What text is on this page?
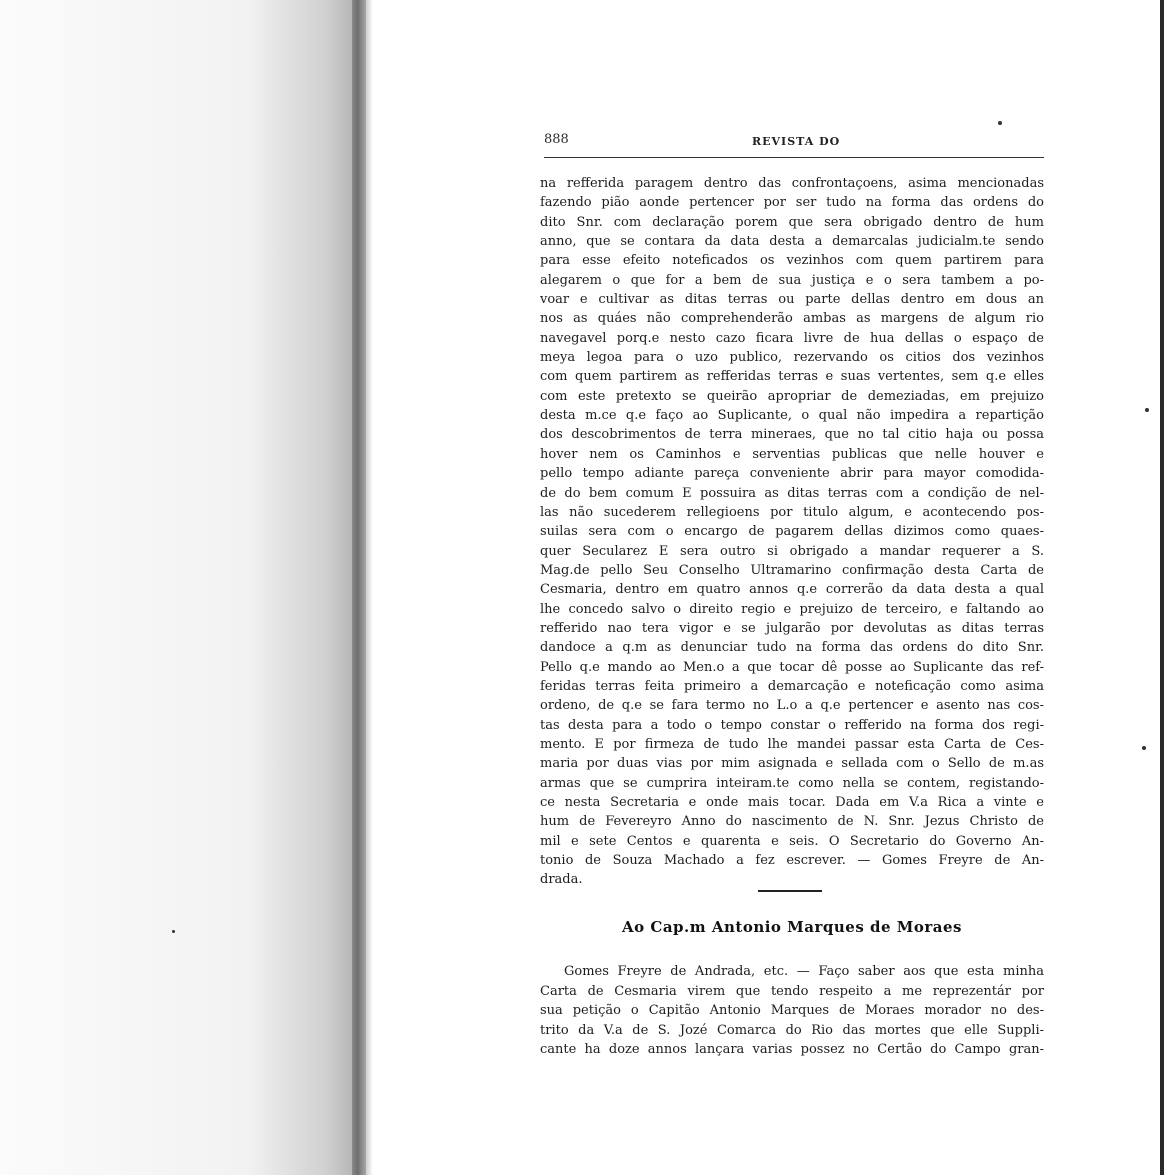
888	REVISTA DO
na refferida paragem dentro das confrontaçoens, asima mencionadas
fazendo pião aonde pertencer por ser tudo na forma das ordens do
dito Snr. com declaração porem que sera obrigado dentro de hum
anno, que se contara da data desta a demarcalas judicialm.te sendo
para esse efeito noteficados os vezinhos com quem partirem para
alegarem o que for a bem de sua justiça e o sera tambem a po-
voar e cultivar as ditas terras ou parte dellas dentro em dous an
nos as quáes não comprehenderão ambas as margens de algum rio
navegavel porq.e nesto cazo ficara livre de hua dellas o espaço de
meya legoa para o uzo publico, rezervando os citios dos vezinhos
com quem partirem as refferidas terras e suas vertentes, sem q.e elles
com este pretexto se queirão apropriar de demeziadas, em prejuizo
desta m.ce q.e faço ao Suplicante, o qual não impedira a repartição
dos descobrimentos de terra mineraes, que no tal citio haja ou possa
hover nem os Caminhos e serventias publicas que nelle houver e
pello tempo adiante pareça conveniente abrir para mayor comodida-
de do bem comum E possuira as ditas terras com a condição de nel-
las não sucederem rellegioens por titulo algum, e acontecendo pos-
suilas sera com o encargo de pagarem dellas dizimos como quaes-
quer Secularez E sera outro si obrigado a mandar requerer a S.
Mag.de pello Seu Conselho Ultramarino confirmação desta Carta de
Cesmaria, dentro em quatro annos q.e correrão da data desta a qual
lhe concedo salvo o direito regio e prejuizo de terceiro, e faltando ao
refferido nao tera vigor e se julgarão por devolutas as ditas terras
dandoce a q.m as denunciar tudo na forma das ordens do dito Snr.
Pello q.e mando ao Men.o a que tocar dê posse ao Suplicante das ref-
feridas terras feita primeiro a demarcação e noteficação como asima
ordeno, de q.e se fara termo no L.o a q.e pertencer e asento nas cos-
tas desta para a todo o tempo constar o refferido na forma dos regi-
mento. E por firmeza de tudo lhe mandei passar esta Carta de Ces-
maria por duas vias por mim asignada e sellada com o Sello de m.as
armas que se cumprira inteiram.te como nella se contem, registando-
ce nesta Secretaria e onde mais tocar. Dada em V.a Rica a vinte e
hum de Fevereyro Anno do nascimento de N. Snr. Jezus Christo de
mil e sete Centos e quarenta e seis. O Secretario do Governo An-
tonio de Souza Machado a fez escrever. — Gomes Freyre de An-
drada.
Ao Cap.m Antonio Marques de Moraes
Gomes Freyre de Andrada, etc. — Faço saber aos que esta minha
Carta de Cesmaria virem que tendo respeito a me reprezentár por
sua petição o Capitão Antonio Marques de Moraes morador no des-
trito da V.a de S. Jozé Comarca do Rio das mortes que elle Suppli-
cante ha doze annos lançara varias possez no Certão do Campo gran-
